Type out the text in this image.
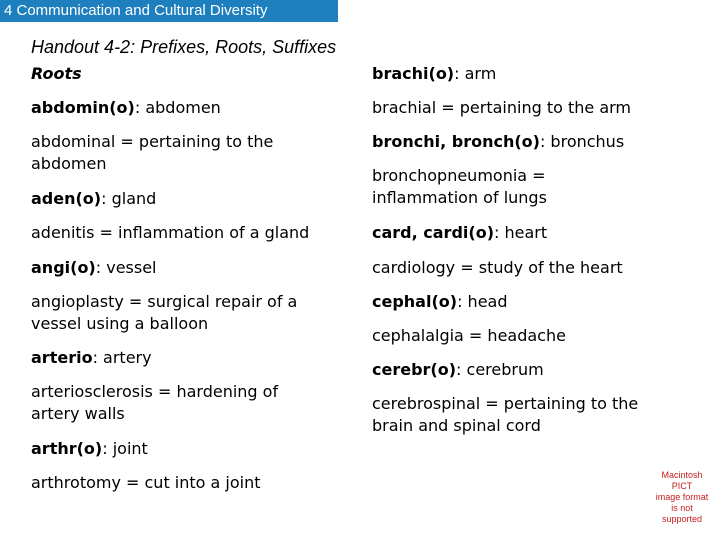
4 Communication and Cultural Diversity
Handout 4-2: Prefixes, Roots, Suffixes
Roots
abdomin(o): abdomen
abdominal = pertaining to the
abdomen
aden(o): gland
adenitis = inflammation of a gland
angi(o): vessel
angioplasty = surgical repair of a
vessel using a balloon
arterio: artery
arteriosclerosis = hardening of
artery walls
arthr(o): joint
arthrotomy = cut into a joint
brachi(o): arm
brachial = pertaining to the arm
bronchi, bronch(o): bronchus
bronchopneumonia =
inflammation of lungs
card, cardi(o): heart
cardiology = study of the heart
cephal(o): head
cephalalgia = headache
cerebr(o): cerebrum
cerebrospinal = pertaining to the
brain and spinal cord
Macintosh PICT
image format
is not supported
